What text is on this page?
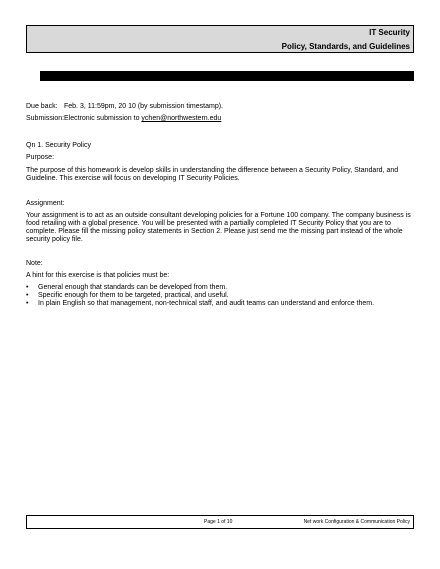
IT Security
Policy, Standards, and Guidelines
Due back: Feb. 3, 11:59pm, 20 10 (by submission timestamp).
Submission: Electronic submission to ychen@northwestern.edu
Qn 1. Security Policy
Purpose:
The purpose of this homework is develop skills in understanding the difference between a Security Policy, Standard, and Guideline. This exercise will focus on developing IT Security Policies.
Assignment:
Your assignment is to act as an outside consultant developing policies for a Fortune 100 company. The company business is food retailing with a global presence. You will be presented with a partially completed IT Security Policy that you are to complete. Please fill the missing policy statements in Section 2. Please just send me the missing part instead of the whole security policy file.
Note:
A hint for this exercise is that policies must be:
•	General enough that standards can be developed from them.
•	Specific enough for them to be targeted, practical, and useful.
•	In plain English so that management, non-technical staff, and audit teams can understand and enforce them.
Page 1 of 10	Net work Configuration & Communication Policy
